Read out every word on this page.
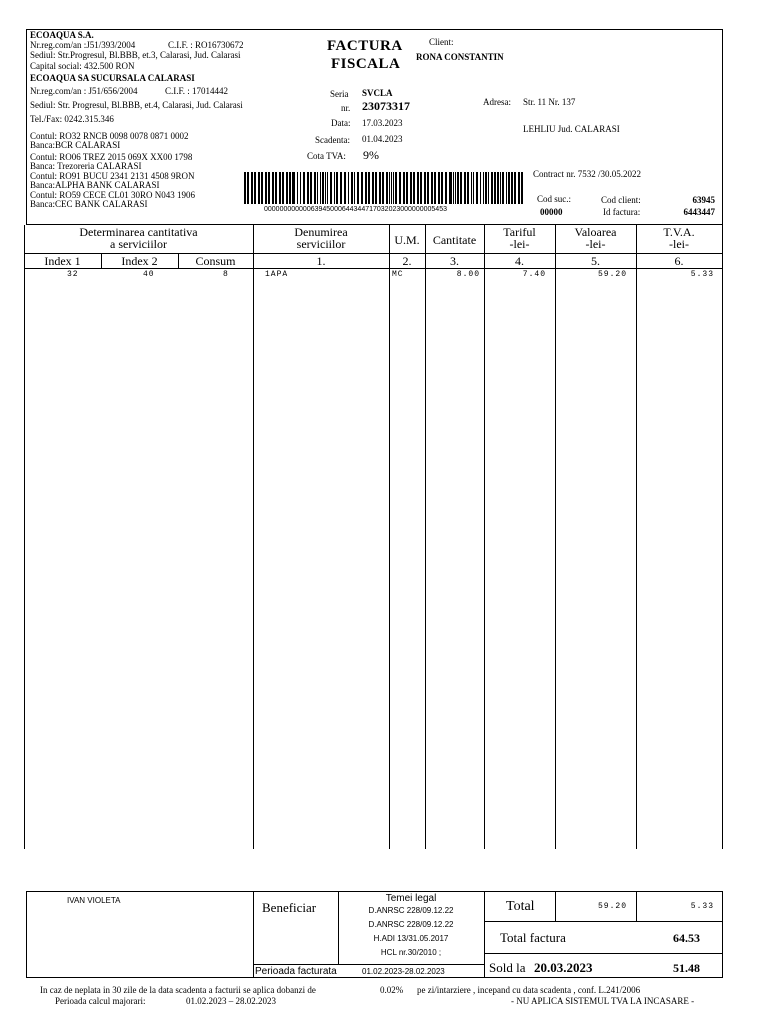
ECOAQUA S.A.
Nr.reg.com/an :J51/393/2004	C.I.F. : RO16730672
Sediul: Str.Progresul, Bl.BBB, et.3, Calarasi, Jud. Calarasi
Capital social: 432.500 RON
ECOAQUA SA SUCURSALA CALARASI
Nr.reg.com/an : J51/656/2004	C.I.F. : 17014442
Sediul: Str. Progresul, Bl.BBB, et.4, Calarasi, Jud. Calarasi
Tel./Fax: 0242.315.346
Contul: RO32 RNCB 0098 0078 0871 0002
Banca:BCR CALARASI
Contul: RO06 TREZ 2015 069X XX00 1798
Banca: Trezoreria CALARASI
Contul: RO91 BUCU 2341 2131 4508 9RON
Banca:ALPHA BANK CALARASI
Contul: RO59 CECE CL01 30RO N043 1906
Banca:CEC BANK CALARASI
FACTURA
FISCALA
Seria SVCLA
nr. 23073317
Data: 17.03.2023
Scadenta: 01.04.2023
Cota TVA: 9%
Client:
RONA CONSTANTIN
Adresa: Str. 11 Nr. 137
LEHLIU Jud. CALARASI
Contract nr. 7532 /30.05.2022
Cod suc.:
00000
Cod client:	63945
Id factura:	6443447
00000000000063945000644344717032023000000005453
Determinarea cantitativa
a serviciilor
Denumirea
serviciilor	U.M.	Cantitate
Tariful
-lei-
Valoarea
-lei-
T.V.A.
-lei-
Index 1	Index 2	Consum	1.	2.	3.	4.	5.	6.
32	40	8	1APA	MC	8.00	7.40	59.20	5.33
IVAN VIOLETA	Beneficiar
Temei legal
D.ANRSC 228/09.12.22
D.ANRSC 228/09.12.22
H.ADI 13/31.05.2017
HCL nr.30/2010 ;
Perioada facturata	01.02.2023-28.02.2023
Total	59.20	5.33
Total factura	64.53
Sold la 20.03.2023	51.48
In caz de neplata in 30 zile de la data scadenta a facturii se aplica dobanzi de	0.02% pe zi/intarziere , incepand cu data scadenta , conf. L.241/2006
Perioada calcul majorari:	01.02.2023 – 28.02.2023	- NU APLICA SISTEMUL TVA LA INCASARE -
